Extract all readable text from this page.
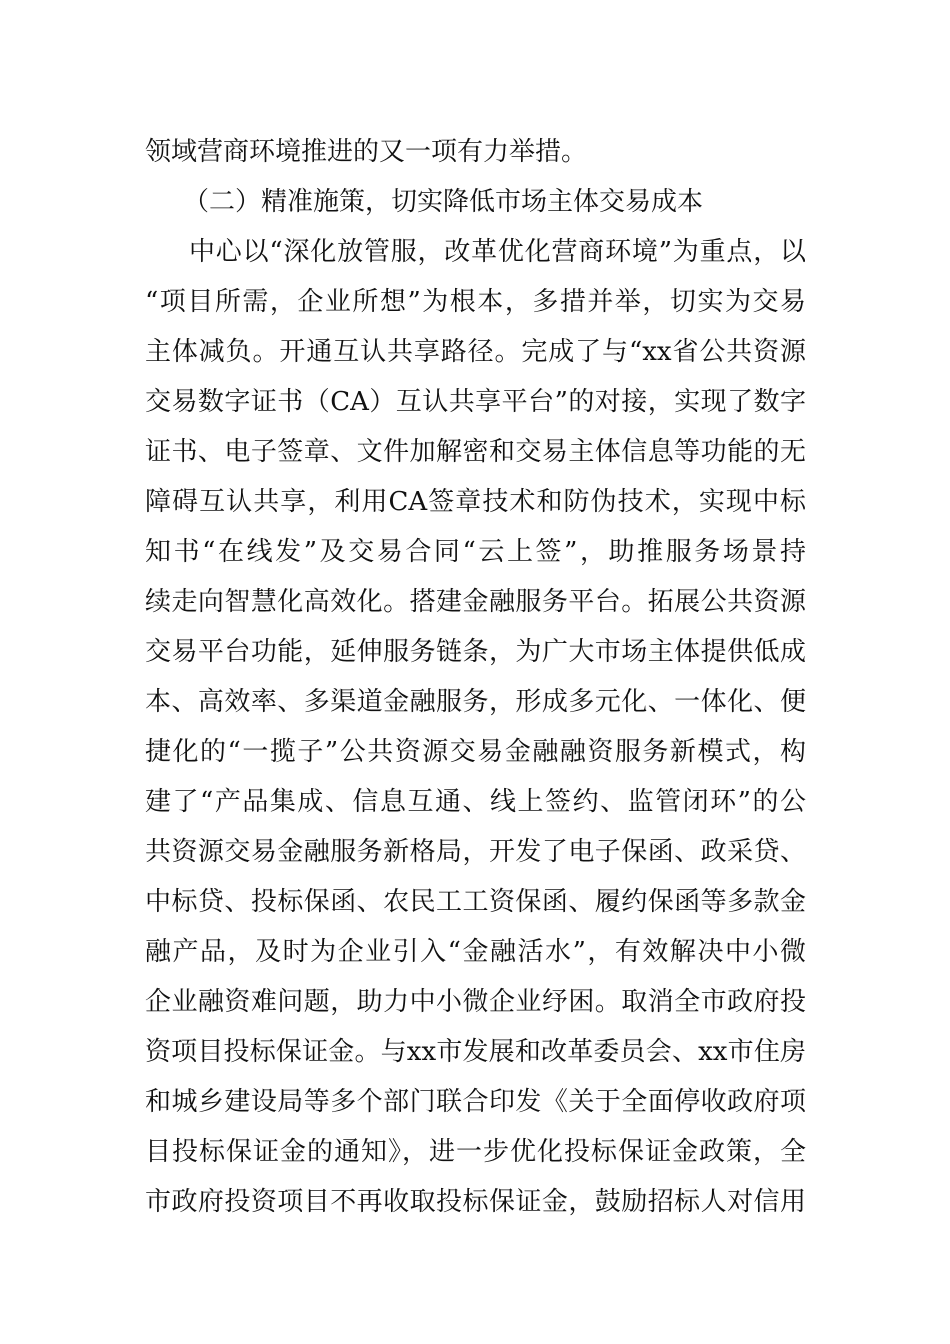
领域营商环境推进的又一项有力举措。
（二）精准施策，切实降低市场主体交易成本
中心以“深化放管服，改革优化营商环境”为重点，以
“项目所需，企业所想”为根本，多措并举，切实为交易
主体减负。开通互认共享路径。完成了与“xx省公共资源
交易数字证书（CA）互认共享平台”的对接，实现了数字
证书、电子签章、文件加解密和交易主体信息等功能的无
障碍互认共享，利用CA签章技术和防伪技术，实现中标
知书“在线发”及交易合同“云上签”，助推服务场景持
续走向智慧化高效化。搭建金融服务平台。拓展公共资源
交易平台功能，延伸服务链条，为广大市场主体提供低成
本、高效率、多渠道金融服务，形成多元化、一体化、便
捷化的“一揽子”公共资源交易金融融资服务新模式，构
建了“产品集成、信息互通、线上签约、监管闭环”的公
共资源交易金融服务新格局，开发了电子保函、政采贷、
中标贷、投标保函、农民工工资保函、履约保函等多款金
融产品，及时为企业引入“金融活水”，有效解决中小微
企业融资难问题，助力中小微企业纾困。取消全市政府投
资项目投标保证金。与xx市发展和改革委员会、xx市住房
和城乡建设局等多个部门联合印发《关于全面停收政府项
目投标保证金的通知》，进一步优化投标保证金政策，全
市政府投资项目不再收取投标保证金，鼓励招标人对信用
